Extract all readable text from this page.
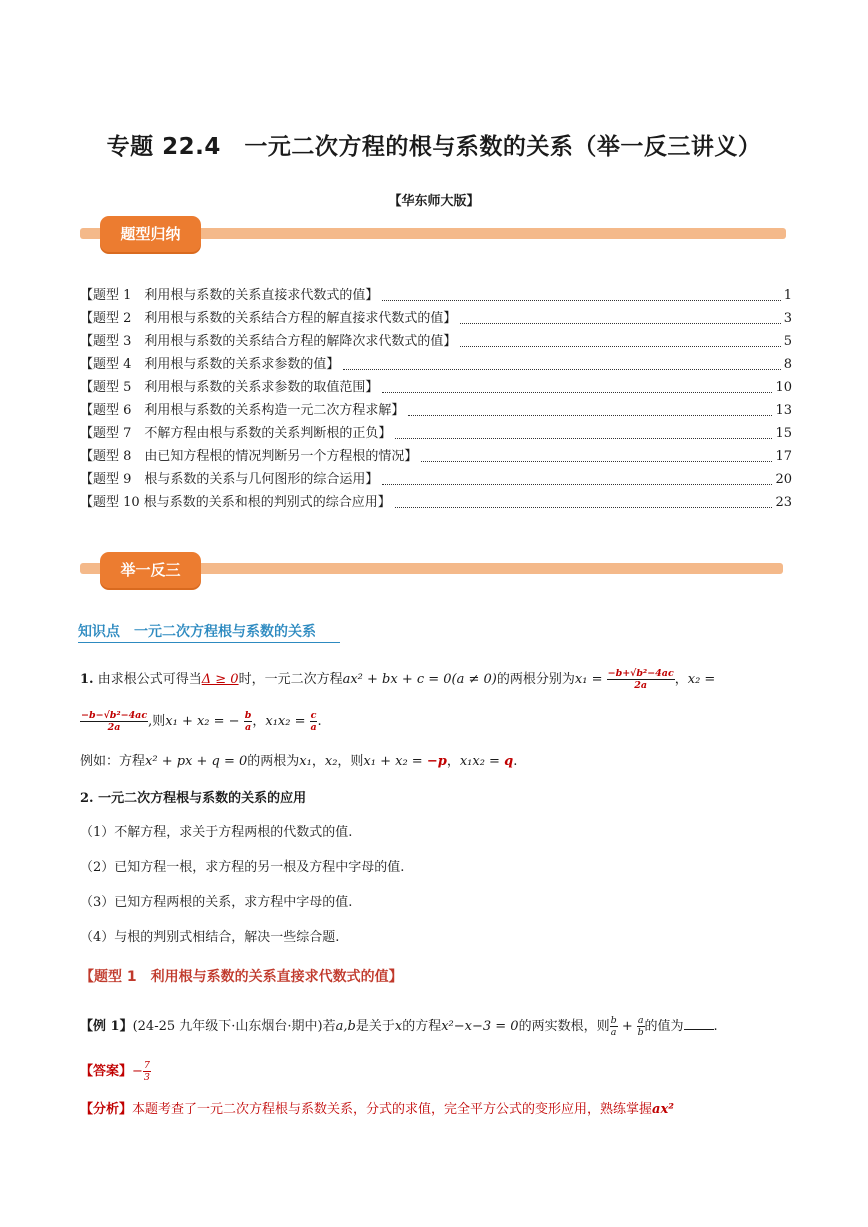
专题 22.4　一元二次方程的根与系数的关系（举一反三讲义）
【华东师大版】
题型归纳
【题型 1　利用根与系数的关系直接求代数式的值】	1
【题型 2　利用根与系数的关系结合方程的解直接求代数式的值】	3
【题型 3　利用根与系数的关系结合方程的解降次求代数式的值】	5
【题型 4　利用根与系数的关系求参数的值】	8
【题型 5　利用根与系数的关系求参数的取值范围】	10
【题型 6　利用根与系数的关系构造一元二次方程求解】	13
【题型 7　不解方程由根与系数的关系判断根的正负】	15
【题型 8　由已知方程根的情况判断另一个方程根的情况】	17
【题型 9　根与系数的关系与几何图形的综合运用】	20
【题型 10 根与系数的关系和根的判别式的综合应用】	23
举一反三
知识点　一元二次方程根与系数的关系
1. 由求根公式可得当Δ ≥ 0时，一元二次方程ax² + bx + c = 0(a ≠ 0)的两根分别为$x_1 = \frac{\text{−b+√b²−4ac}}{2a}$ ，x₂ =
$\frac{\text{−b−√b²−4ac}}{2a}$ ,则x₁ + x₂ = − $\frac{b}{a}$ ，$x_1x_2 = \frac{c}{a}$ .
例如：方程x² + px + q = 0的两根为x₁，x₂，则x₁ + x₂ = −p，x₁x₂ = q.
2. 一元二次方程根与系数的关系的应用
（1）不解方程，求关于方程两根的代数式的值.
（2）已知方程一根，求方程的另一根及方程中字母的值.
（3）已知方程两根的关系，求方程中字母的值.
（4）与根的判别式相结合，解决一些综合题.
【题型 1　利用根与系数的关系直接求代数式的值】
【例 1】(24-25 九年级下·山东烟台·期中)若a,b是关于x的方程x²−x−3 = 0的两实数根，则 $\frac{b}{a} + \frac{a}{b}$ 的值为 .
【答案】− $\frac{7}{3}$
【分析】本题考查了一元二次方程根与系数关系，分式的求值，完全平方公式的变形应用，熟练掌握ax²
